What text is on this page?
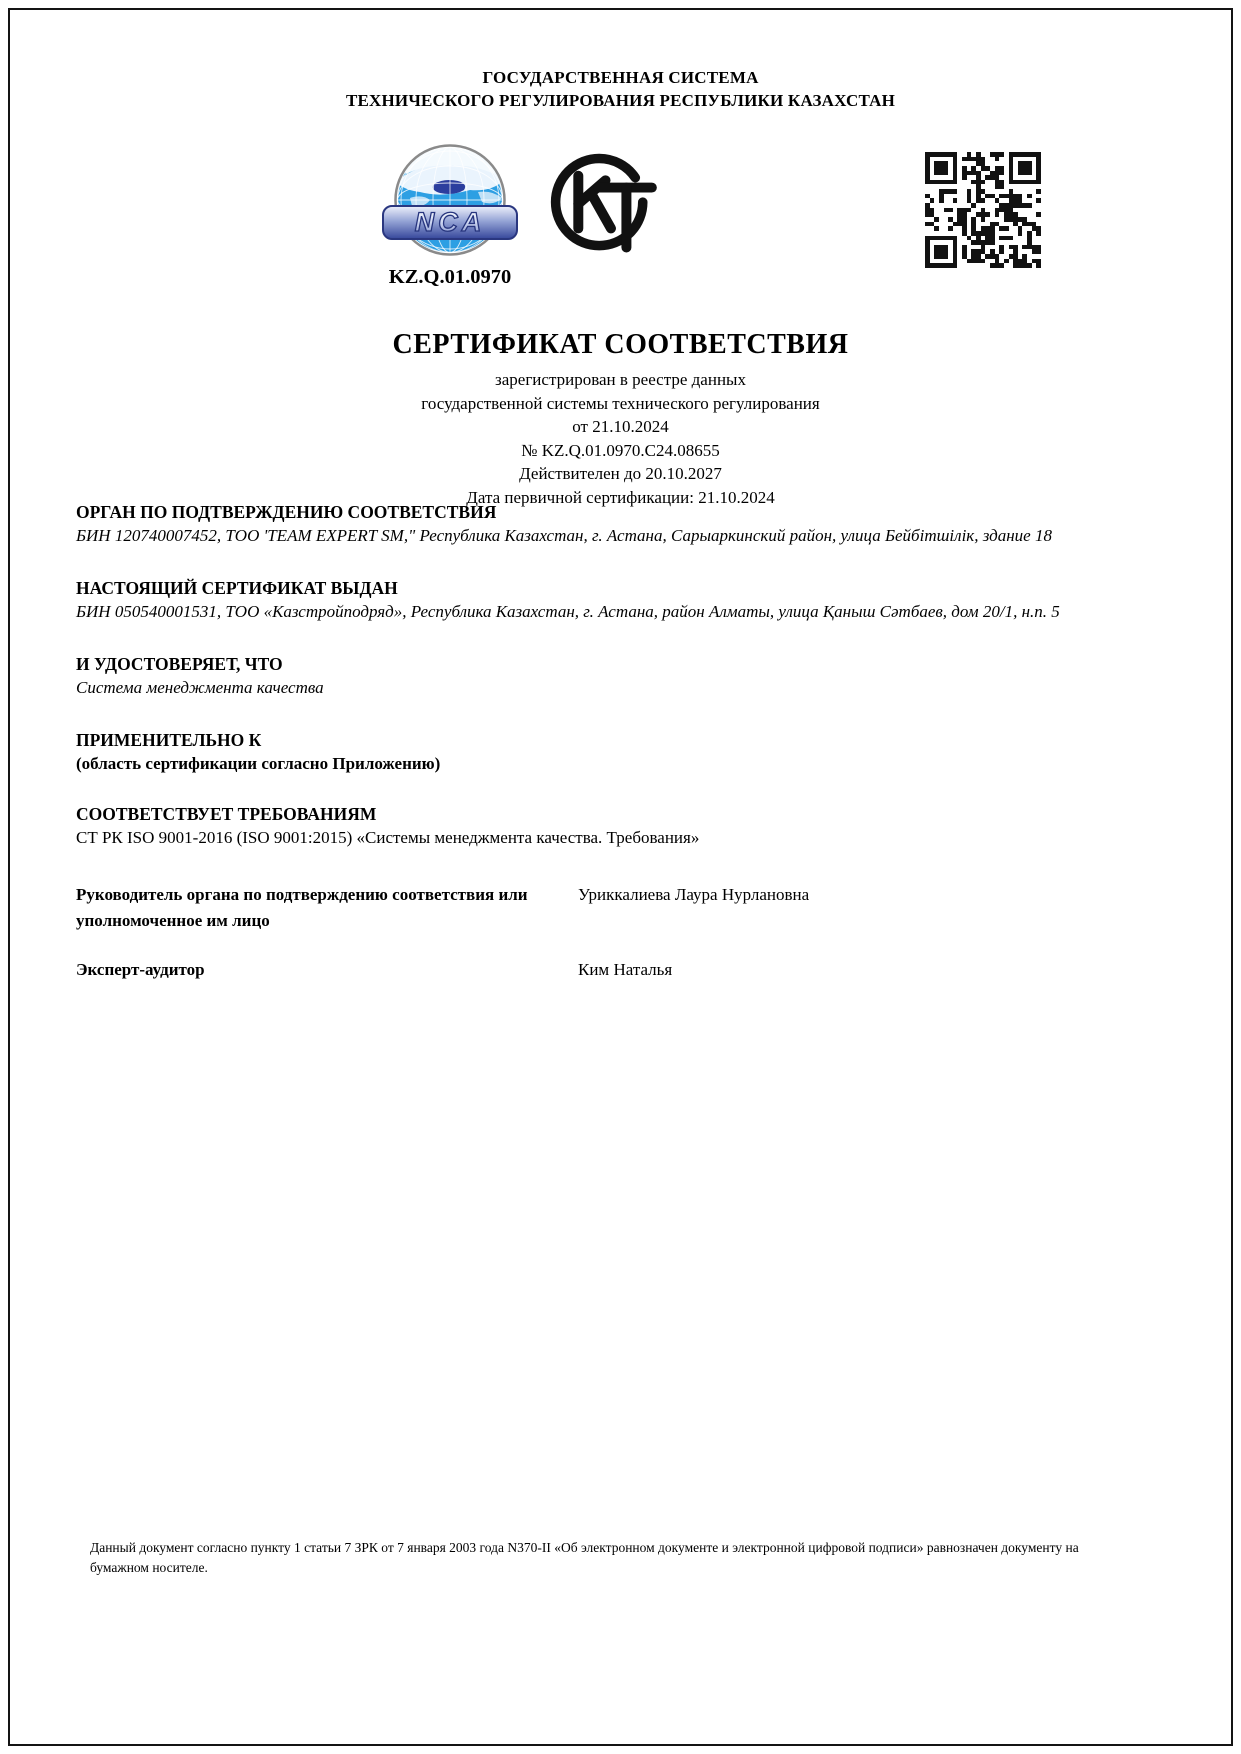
ГОСУДАРСТВЕННАЯ СИСТЕМА
ТЕХНИЧЕСКОГО РЕГУЛИРОВАНИЯ РЕСПУБЛИКИ КАЗАХСТАН
NCA
KZ.Q.01.0970
СЕРТИФИКАТ СООТВЕТСТВИЯ
зарегистрирован в реестре данных
государственной системы технического регулирования
от 21.10.2024
№ KZ.Q.01.0970.C24.08655
Действителен до 20.10.2027
Дата первичной сертификации: 21.10.2024
ОРГАН ПО ПОДТВЕРЖДЕНИЮ СООТВЕТСТВИЯ
БИН 120740007452, ТОО 'TEAM EXPERT SM," Республика Казахстан, г. Астана, Сарыаркинский район, улица Бейбітшілік, здание 18
НАСТОЯЩИЙ СЕРТИФИКАТ ВЫДАН
БИН 050540001531, ТОО «Казстройподряд», Республика Казахстан, г. Астана, район Алматы, улица Қаныш Сәтбаев, дом 20/1, н.п. 5
И УДОСТОВЕРЯЕТ, ЧТО
Система менеджмента качества
ПРИМЕНИТЕЛЬНО К
(область сертификации согласно Приложению)
СООТВЕТСТВУЕТ ТРЕБОВАНИЯМ
СТ РК ISO 9001-2016 (ISO 9001:2015) «Системы менеджмента качества. Требования»
Руководитель органа по подтверждению соответствия или уполномоченное им лицо
Уриккалиева Лаура Нурлановна
Эксперт-аудитор	Ким Наталья
Данный документ согласно пункту 1 статьи 7 ЗРК от 7 января 2003 года N370-II «Об электронном документе и электронной цифровой подписи» равнозначен документу на бумажном носителе.
